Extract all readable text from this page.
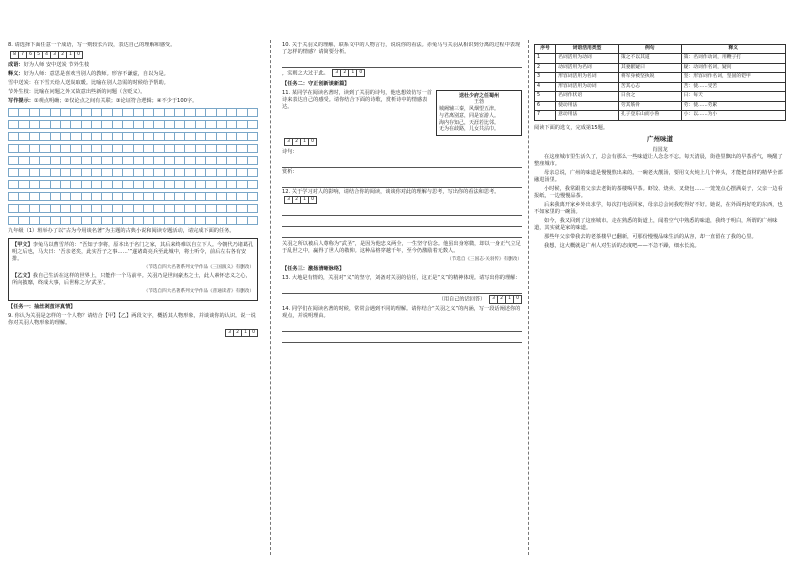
8. 请选择下面任意一个成语，写一则较长片段，表达自己的理解和感受。

8	7	6	5	4	3	2	1	0

成语：好为人师 安中送炭 节外生枝

释义：好为人师：意思是喜欢当别人的教师。形容不谦虚，自以为是。

雪中送炭：在下雪天给人送炭取暖。比喻在别人急需的时候给予帮助。

节外生枝：比喻在问题之外又故意出些新的问题（含贬义）。

写作提示：①观点明确；②仅论点之间有关联；③论证符合逻辑；④不少于100字。

九年级（1）班举办了以“古为今用谈名著”为主题的古典小说和阅读专题活动，请完成下面的任务。

【甲文】李兔马以曹雪芹的：“吾知子李将，原本出于名门之家，其后来终难以自立下人。今朝代乃诸葛孔明之后也，马夫曰：‘吾亲老矣，此实吾子之事……’”遂诸葛亮兵至此城中，将士听令，前后左右各有安排。

（节选自四大名著系列文学作品《三国演义》有删改）

【乙文】我自己生活在这样的世界上，只能作一个马前卒。关羽乃是世间豪杰之士，此人素怀忠义之心，所向披靡，终成大事，后世称之为‘武圣’。

（节选自四大名著系列文学作品《普通读者》有删改）

【任务一：抽丝剥茧评真情】

9. 你认为关羽是怎样的一个人物？请结合【甲】【乙】两段文字，概括其人物形象，并谈谈你的认识。说一说你对关羽人物形象的理解。

3	2	1	0

10. 关于关羽义的理解，联系文中的人物言行，说说你的看法。赤兔马与关羽从相识到分离的过程中表现了怎样的情感？请简要分析。

，实则之大过于此。	3	2	1	0

【任务二：守正创新谈新篇】

送杜少府之任蜀州
王勃
城阙辅三秦，风烟望五津。
与君离别意，同是宦游人。
海内存知己，天涯若比邻。
无为在歧路，儿女共沾巾。

11. 某同学在阅读名著时，读到了关羽的诗句，他也想效仿写一首诗来表达自己的感受。请你结合下面的诗歌，赏析诗中的情感表达。

3	2	1	0

诗句：

赏析：

12. 关于学习对人的影响，请结合你的阅读，谈谈你对此的理解与思考，写出你的看法和思考。
3	2	1	0

关羽之所以被后人尊称为“武圣”，是因为他忠义两全，一生坚守信念。他虽出身寒微，却以一身正气立足于乱世之中，赢得了世人的敬仰。这种品格穿越千年，至今仍激励着无数人。

（节选自《三国志·关羽传》有删改）

【任务三：激扬清晰脉络】

13. 大地是有情的，关羽对“义”的坚守，刘备对关羽的信任，这正是“义”的精神体现。请写出你的理解：

（用自己的话回答）	3	2	1	0

14. 同学们在阅读名著的时候，常常会遇到不同的理解。请你结合“关羽之义”的内涵，写一段话阐述你的观点，并说明理由。

序号	词语活用类型	例句	释义
1	名词活用为动词	策之不以其道	策：名词作动词，用鞭子打
2	动词活用为名词	其妻献疑曰	疑：动词作名词，疑问
3	形容词活用为名词	将军身被坚执锐	坚：形容词作名词，坚固的铠甲
4	形容词活用为动词	苦其心志	苦：使……受苦
5	名词作状语	日食之	日：每天
6	使动用法	劳其筋骨	劳：使……劳累
7	意动用法	孔子登东山而小鲁	小：以……为小

阅读下面的选文，完成第15题。

广州味道
肖国龙

在这座城市里生活久了，总会有那么一些味道让人念念不忘。每天清晨，街巷里飘出的早茶香气，唤醒了整座城市。

母亲总说，广州的味道是慢慢熬出来的。一碗老火靓汤，要用文火炖上几个钟头，才能把食材的精华全部融进汤里。

小时候，我常跟着父亲去老街的茶楼喝早茶。虾饺、烧卖、叉烧包……一笼笼点心摆满桌子，父亲一边看报纸，一边慢慢品茶。

后来我离开家乡外出求学，每次打电话回家，母亲总会问我吃得好不好。她说，在外面再好吃的东西，也不如家里的一碗汤。

如今，我又回到了这座城市。走在熟悉的街道上，闻着空气中熟悉的味道，我终于明白，所谓的广州味道，其实就是家的味道。

那些年父亲带我去的老茶楼早已翻新，可那份慢慢品味生活的从容，却一直留在了我的心里。

我想，这大概就是广州人对生活的态度吧——不急不躁，细水长流。
